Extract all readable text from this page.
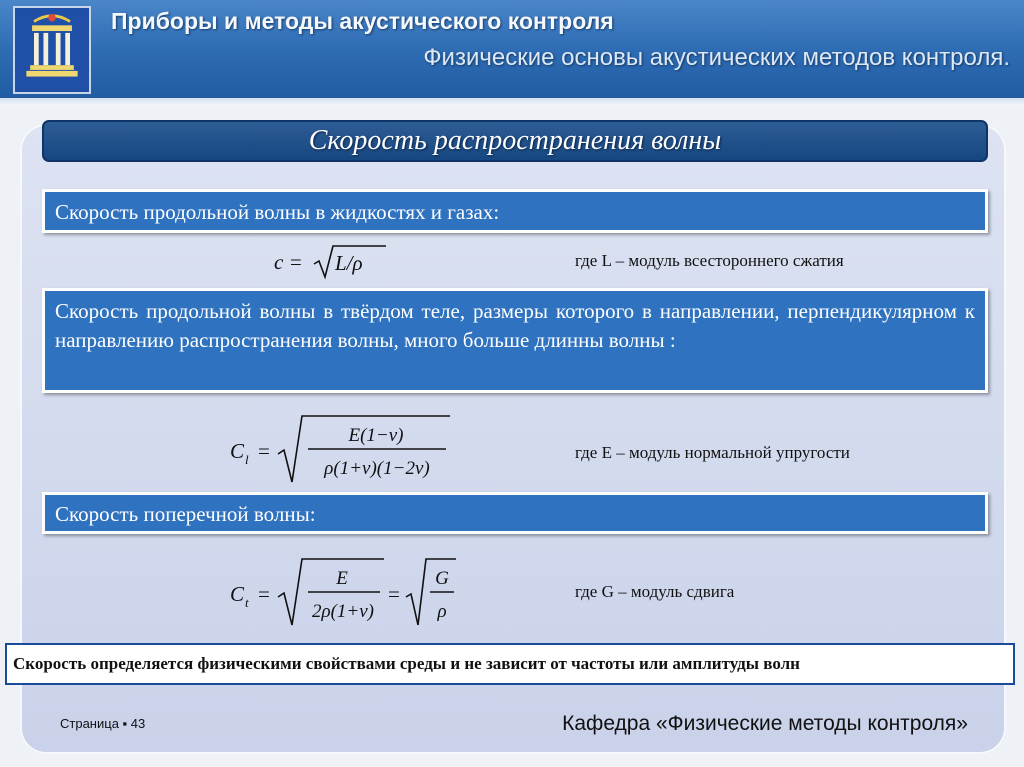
Приборы и методы акустического контроля
Физические основы акустических методов контроля.
Скорость распространения волны
Скорость продольной волны в жидкостях и газах:
c = L/ρ	где L – модуль всестороннего сжатия
Скорость продольной волны в твёрдом теле, размеры которого в направлении, перпендикулярном к направлению распространения волны, много больше длинны волны :
C l =
E(1−ν)
ρ(1+ν)(1−2ν)
где E – модуль нормальной упругости
Скорость поперечной волны:
C t =
E
2ρ(1+ν)
=
G
ρ
где G – модуль сдвига
Скорость определяется физическими свойствами среды и не зависит от частоты или амплитуды волн
Страница ▪ 43	Кафедра «Физические методы контроля»
